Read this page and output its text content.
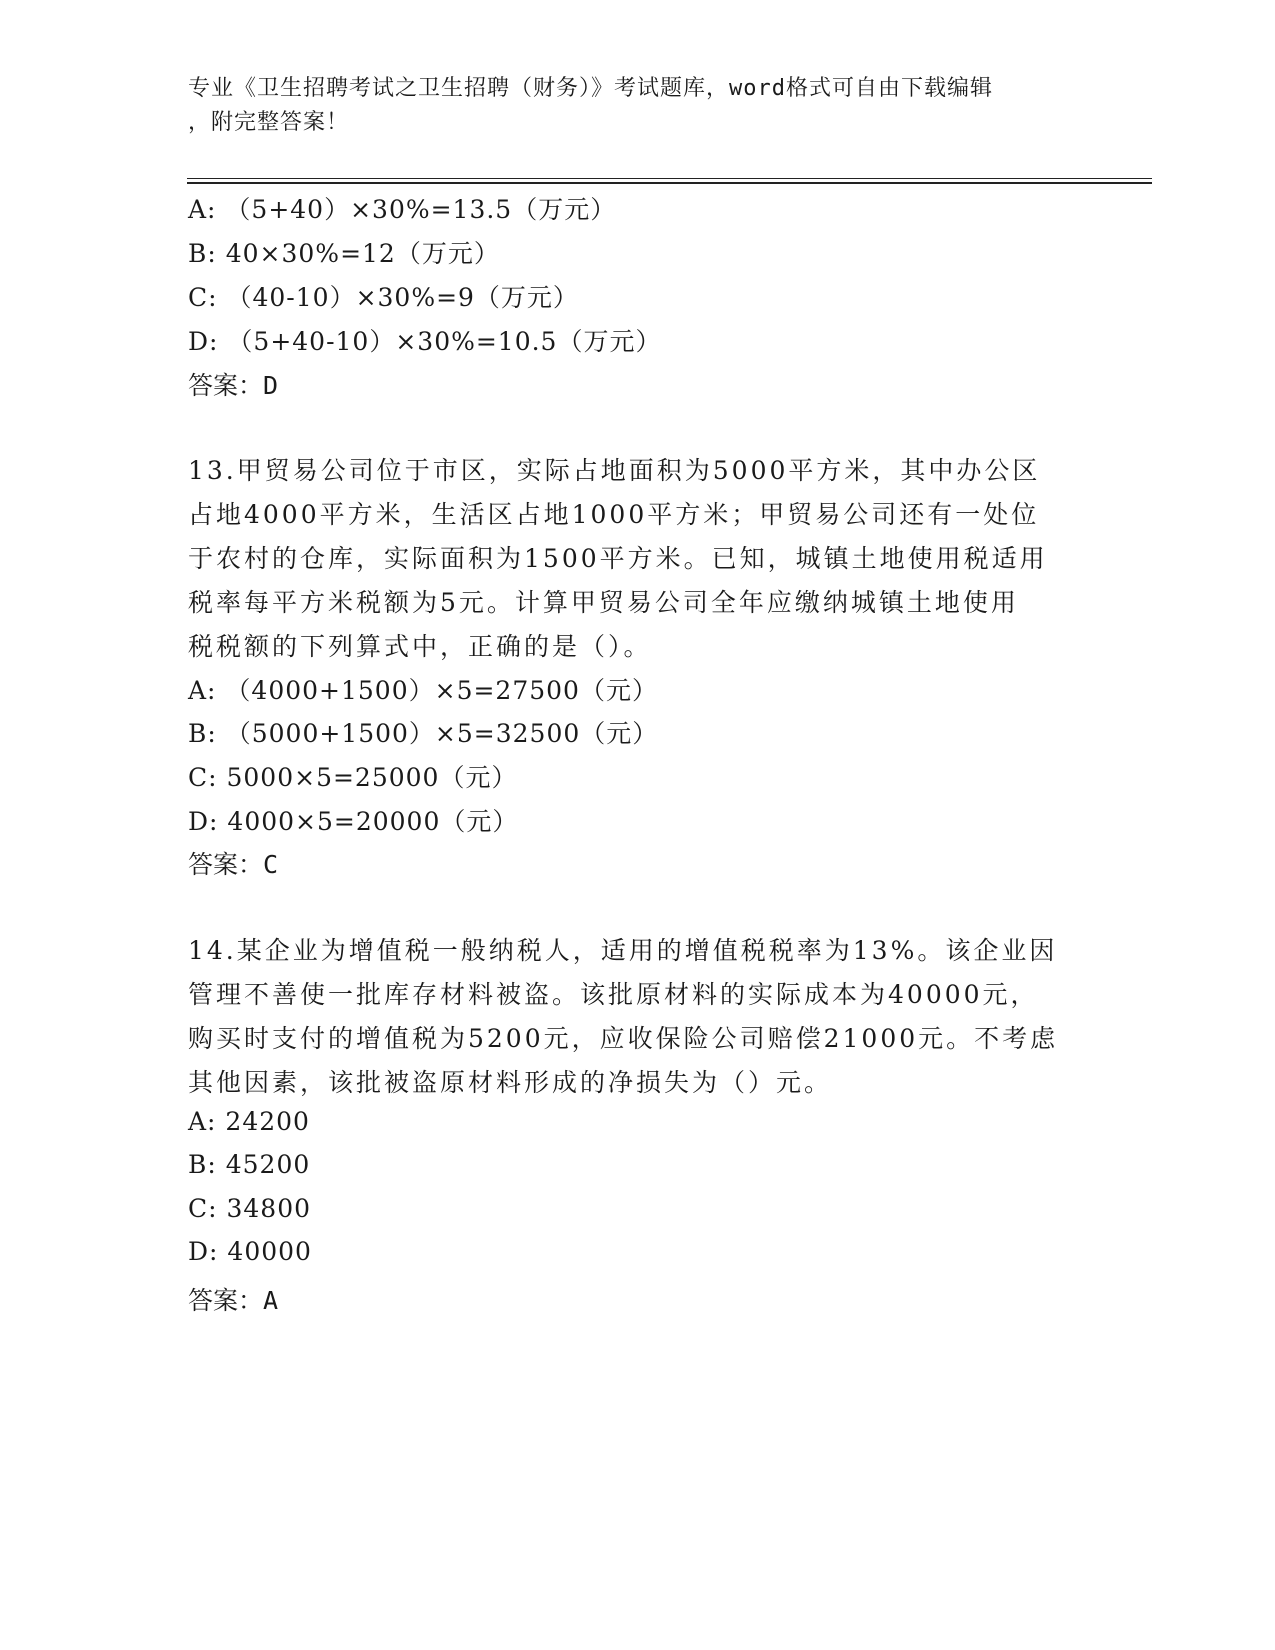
专业《卫生招聘考试之卫生招聘（财务）》考试题库，word格式可自由下载编辑
，附完整答案！
A: （5+40）×30%=13.5（万元）
B: 40×30%=12（万元）
C: （40-10）×30%=9（万元）
D: （5+40-10）×30%=10.5（万元）
答案：D
13.甲贸易公司位于市区，实际占地面积为5000平方米，其中办公区
占地4000平方米，生活区占地1000平方米；甲贸易公司还有一处位
于农村的仓库，实际面积为1500平方米。已知，城镇土地使用税适用
税率每平方米税额为5元。计算甲贸易公司全年应缴纳城镇土地使用
税税额的下列算式中，正确的是（）。
A: （4000+1500）×5=27500（元）
B: （5000+1500）×5=32500（元）
C: 5000×5=25000（元）
D: 4000×5=20000（元）
答案：C
14.某企业为增值税一般纳税人，适用的增值税税率为13%。该企业因
管理不善使一批库存材料被盗。该批原材料的实际成本为40000元，
购买时支付的增值税为5200元，应收保险公司赔偿21000元。不考虑
其他因素，该批被盗原材料形成的净损失为（）元。
A: 24200
B: 45200
C: 34800
D: 40000
答案：A
